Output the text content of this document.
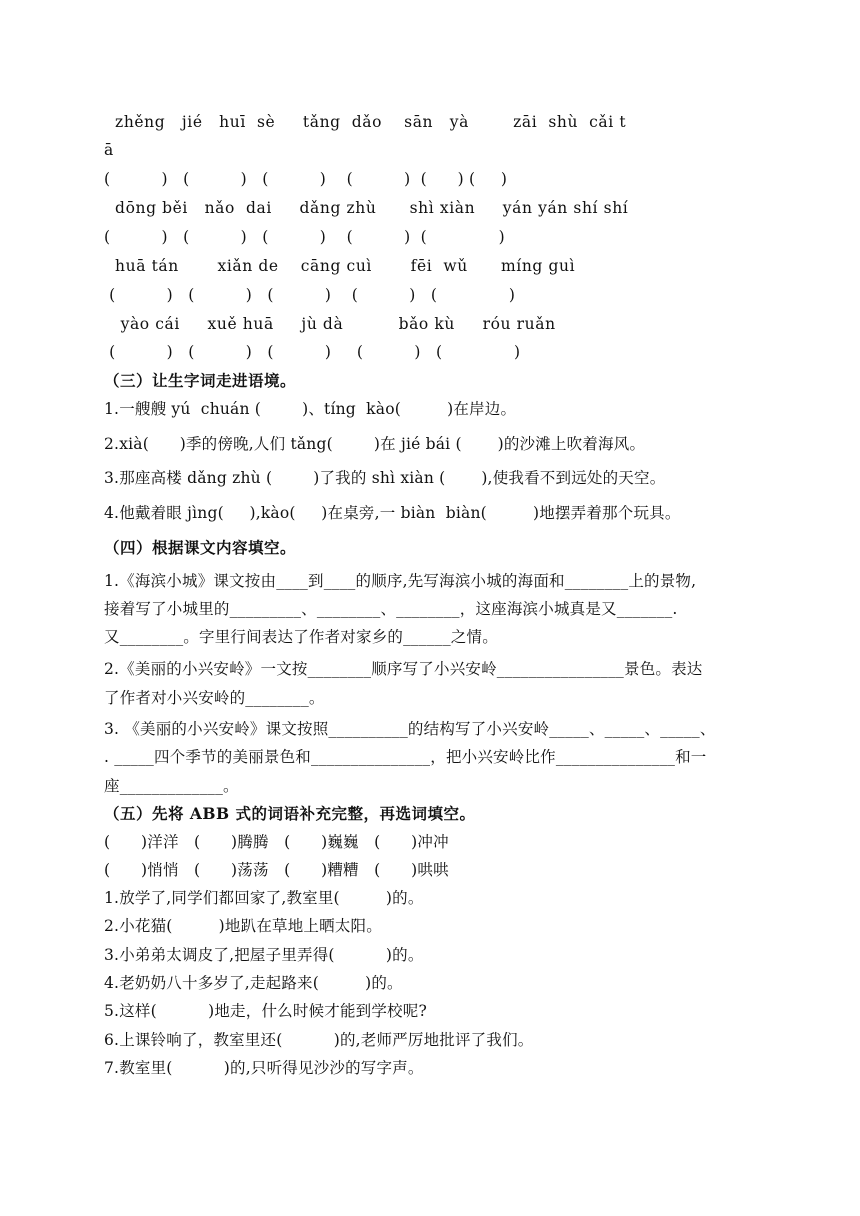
zhěng   jié   huī  sè     tǎng  dǎo    sān   yà        zāi  shù  cǎi t
ā
(          )   (          )   (          )    (          )  (      ) (     )
dōng běi   nǎo  dai     dǎng zhù      shì xiàn     yán yán shí shí
(          )   (          )   (          )    (          )  (              )
huā tán       xiǎn de    cāng cuì       fēi  wǔ      míng guì
(          )   (          )   (          )    (          )   (              )
yào cái     xuě huā     jù dà          bǎo kù     róu ruǎn
(          )   (          )   (          )     (          )   (              )
（三）让生字词走进语境。
1.一艘艘 yú  chuán (        )、tíng  kào(         )在岸边。
2.xià(      )季的傍晚,人们 tǎng(        )在 jié bái (       )的沙滩上吹着海风。
3.那座高楼 dǎng zhù (        )了我的 shì xiàn (       ),使我看不到远处的天空。
4.他戴着眼 jìng(     ),kào(     )在桌旁,一 biàn  biàn(         )地摆弄着那个玩具。
（四）根据课文内容填空。
1.《海滨小城》课文按由____到____的顺序,先写海滨小城的海面和________上的景物,
接着写了小城里的_________、________、________，这座海滨小城真是又_______.
又________。字里行间表达了作者对家乡的______之情。
2.《美丽的小兴安岭》一文按________顺序写了小兴安岭________________景色。表达
了作者对小兴安岭的________。
3. 《美丽的小兴安岭》课文按照__________的结构写了小兴安岭_____、_____、_____、
. _____四个季节的美丽景色和_______________，把小兴安岭比作_______________和一
座_____________。
（五）先将 ABB 式的词语补充完整，再选词填空。
(      )洋洋   (      )腾腾   (      )巍巍   (      )冲冲
(      )悄悄   (      )荡荡   (      )糟糟   (      )哄哄
1.放学了,同学们都回家了,教室里(         )的。
2.小花猫(         )地趴在草地上晒太阳。
3.小弟弟太调皮了,把屋子里弄得(          )的。
4.老奶奶八十多岁了,走起路来(         )的。
5.这样(          )地走，什么时候才能到学校呢?
6.上课铃响了，教室里还(          )的,老师严厉地批评了我们。
7.教室里(          )的,只听得见沙沙的写字声。
